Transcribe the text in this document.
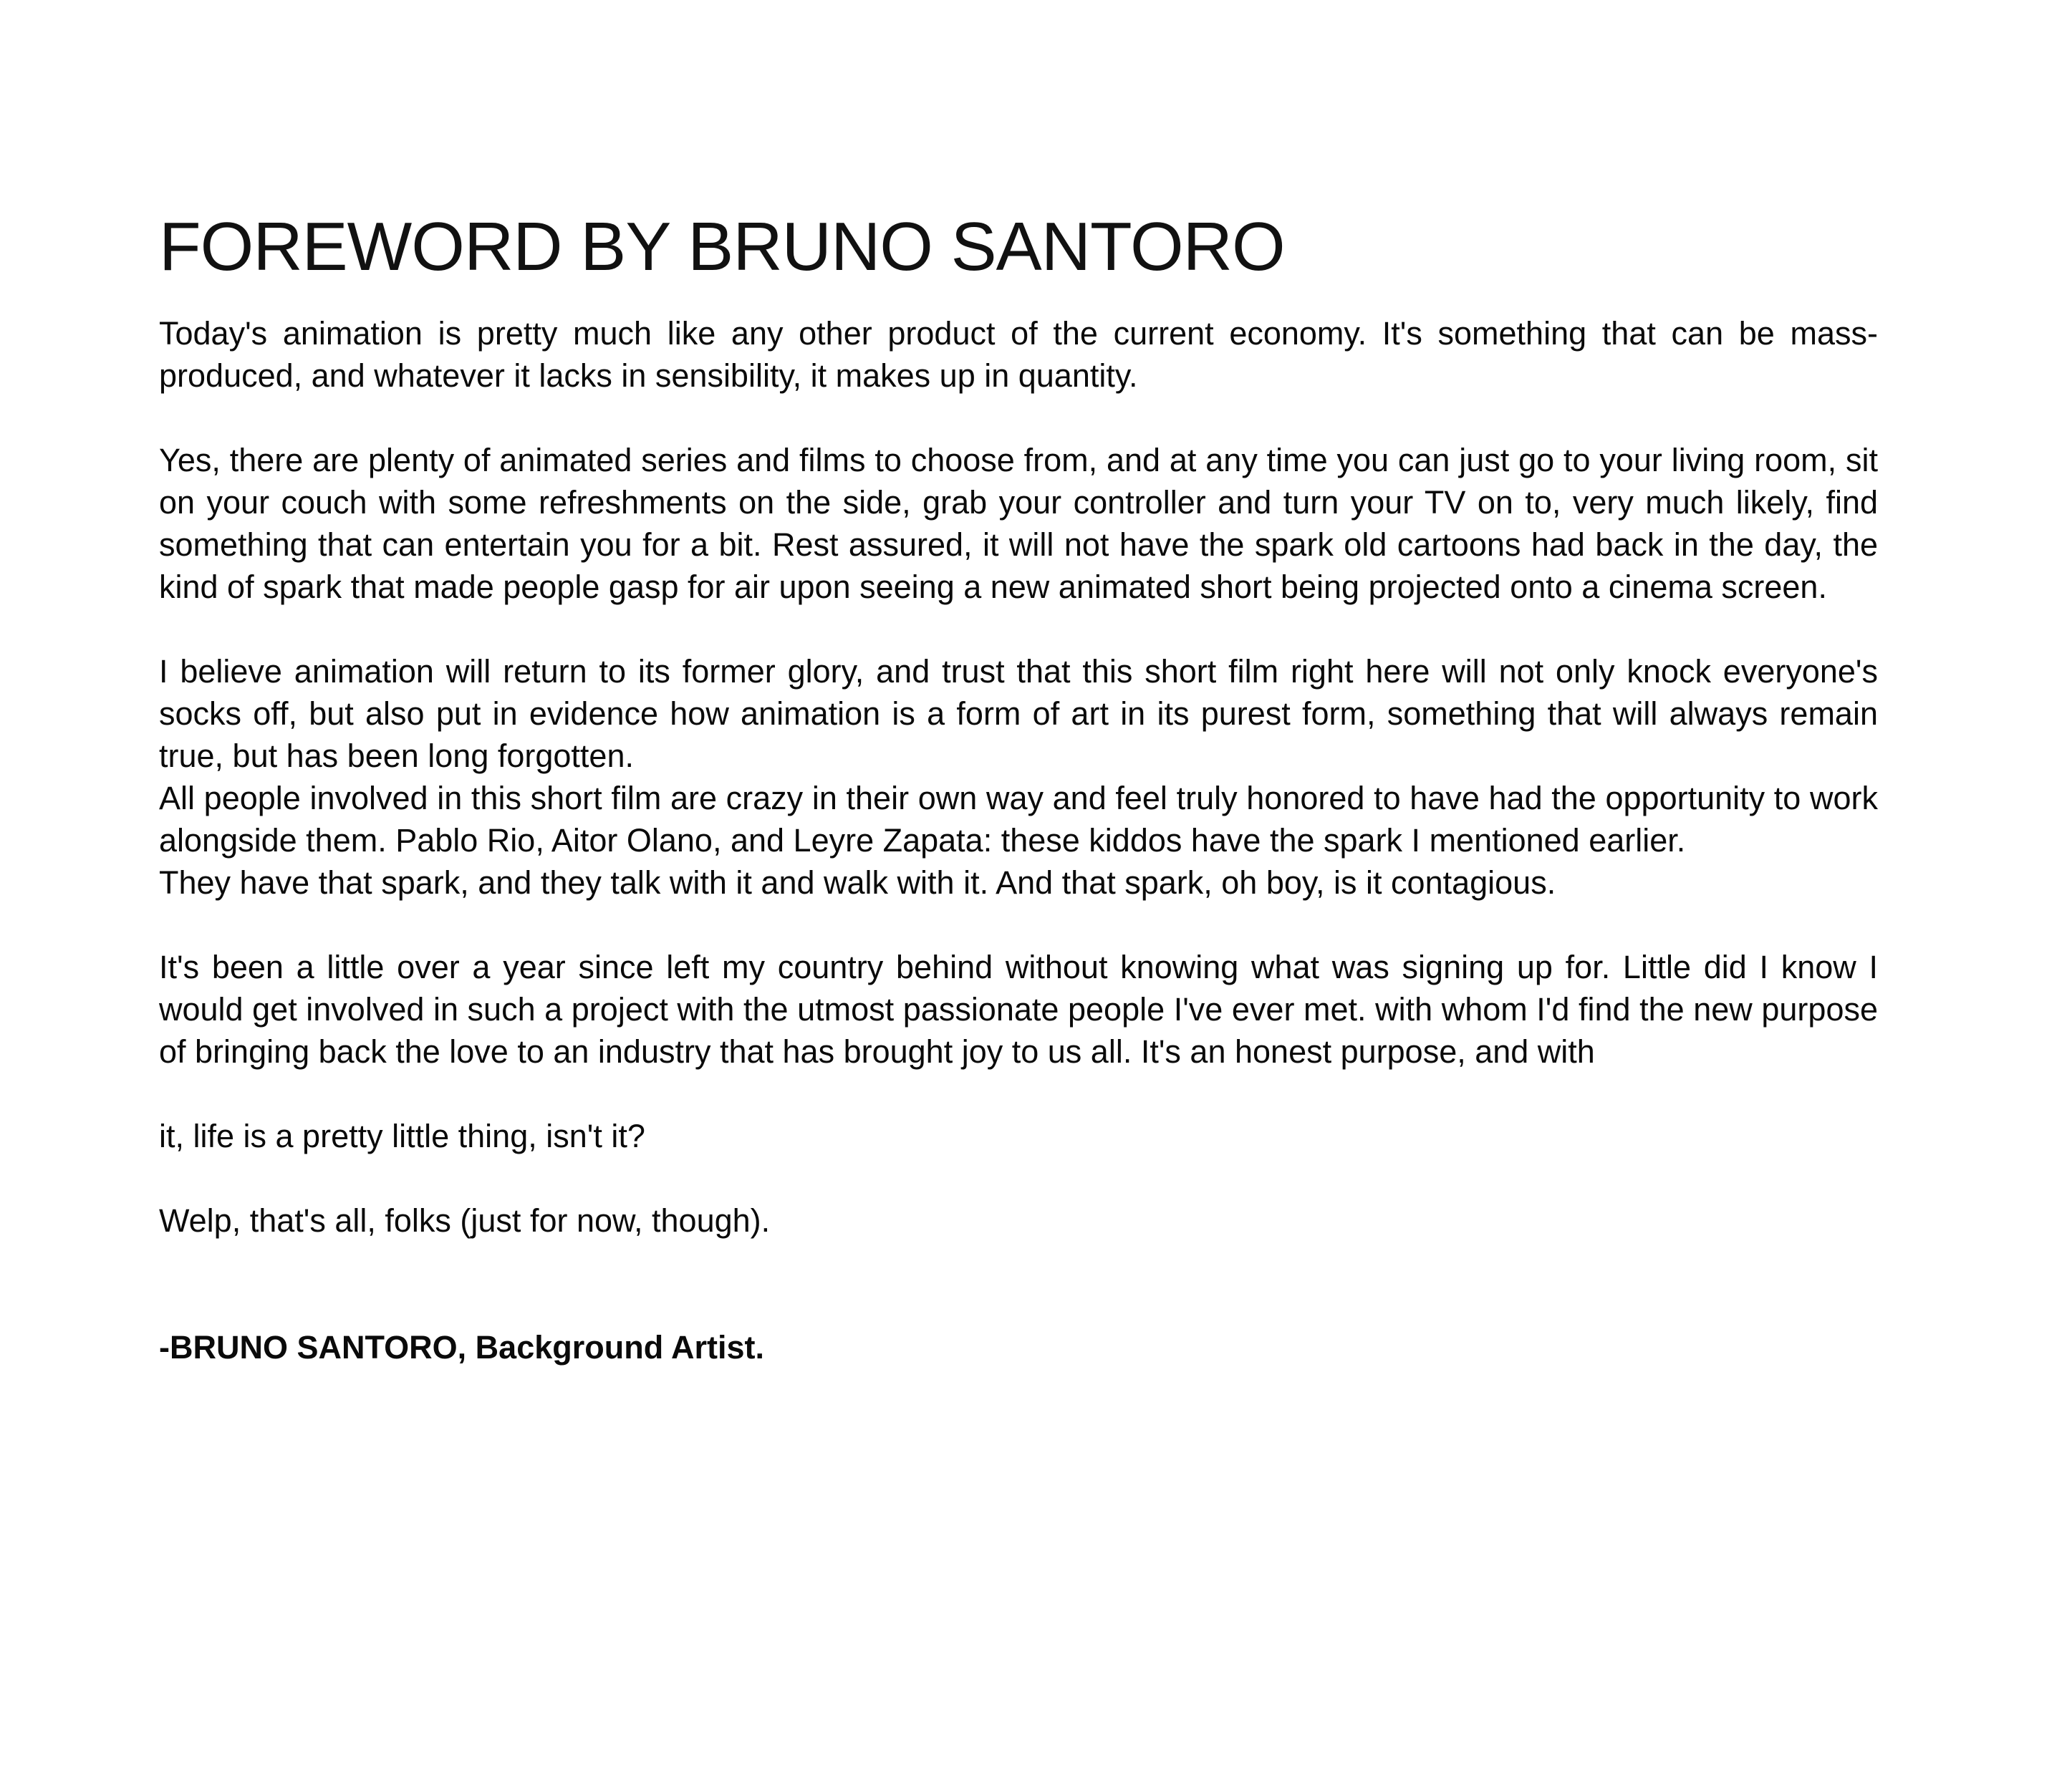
FOREWORD BY BRUNO SANTORO

Today's animation is pretty much like any other product of the current economy. It's something that can be mass-produced, and whatever it lacks in sensibility, it makes up in quantity.

Yes, there are plenty of animated series and films to choose from, and at any time you can just go to your living room, sit on your couch with some refreshments on the side, grab your controller and turn your TV on to, very much likely, find something that can entertain you for a bit. Rest assured, it will not have the spark old cartoons had back in the day, the kind of spark that made people gasp for air upon seeing a new animated short being projected onto a cinema screen.

I believe animation will return to its former glory, and trust that this short film right here will not only knock everyone's socks off, but also put in evidence how animation is a form of art in its purest form, something that will always remain true, but has been long forgotten.

All people involved in this short film are crazy in their own way and feel truly honored to have had the opportunity to work alongside them. Pablo Rio, Aitor Olano, and Leyre Zapata: these kiddos have the spark I mentioned earlier.

They have that spark, and they talk with it and walk with it. And that spark, oh boy, is it contagious.

It's been a little over a year since left my country behind without knowing what was signing up for. Little did I know I would get involved in such a project with the utmost passionate people I've ever met. with whom I'd find the new purpose of bringing back the love to an industry that has brought joy to us all. It's an honest purpose, and with

it, life is a pretty little thing, isn't it?

Welp, that's all, folks (just for now, though).

-BRUNO SANTORO, Background Artist.
